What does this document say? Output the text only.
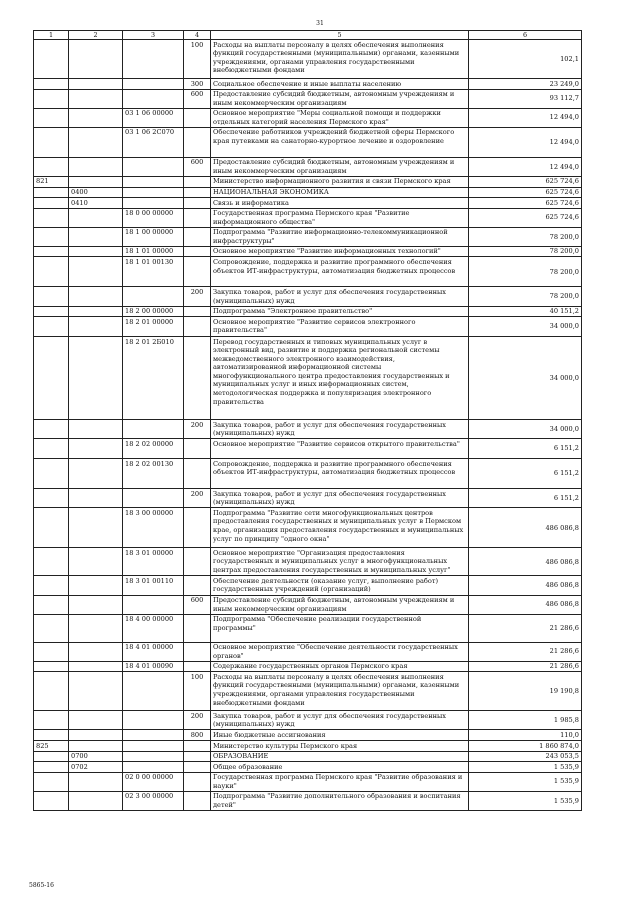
31
1	2	3	4	5	6
			100	Расходы на выплаты персоналу в целях обеспечения выполнения функций государственными (муниципальными) органами, казенными учреждениями, органами управления государственными внебюджетными фондами	102,1
			300	Социальное обеспечение и иные выплаты населению	23 249,0
			600	Предоставление субсидий бюджетным, автономным учреждениям и иным некоммерческим организациям	93 112,7
		03 1 06 00000		Основное мероприятие "Меры социальной помощи и поддержки отдельных категорий населения Пермского края"	12 494,0
		03 1 06 2С070		Обеспечение работников учреждений бюджетной сферы Пермского края путевками на санаторно-курортное лечение и оздоровление	12 494,0
			600	Предоставление субсидий бюджетным, автономным учреждениям и иным некоммерческим организациям	12 494,0
821				Министерство информационного развития и связи Пермского края	625 724,6
	0400			НАЦИОНАЛЬНАЯ ЭКОНОМИКА	625 724,6
	0410			Связь и информатика	625 724,6
		18 0 00 00000		Государственная программа Пермского края "Развитие информационного общества"	625 724,6
		18 1 00 00000		Подпрограмма "Развитие информационно-телекоммуникационной инфраструктуры"	78 200,0
		18 1 01 00000		Основное мероприятие "Развитие информационных технологий"	78 200,0
		18 1 01 00130		Сопровождение, поддержка и развитие программного обеспечения объектов ИТ-инфраструктуры, автоматизация бюджетных процессов	78 200,0
			200	Закупка товаров, работ и услуг для обеспечения государственных (муниципальных) нужд	78 200,0
		18 2 00 00000		Подпрограмма "Электронное правительство"	40 151,2
		18 2 01 00000		Основное мероприятие "Развитие сервисов электронного правительства"	34 000,0
		18 2 01 2Б010		Перевод государственных и типовых муниципальных услуг в электронный вид, развитие и поддержка региональной системы межведомственного электронного взаимодействия, автоматизированной информационной системы многофункционального центра предоставления государственных и муниципальных услуг и иных информационных систем, методологическая поддержка и популяризация электронного правительства	34 000,0
			200	Закупка товаров, работ и услуг для обеспечения государственных (муниципальных) нужд	34 000,0
		18 2 02 00000		Основное мероприятие "Развитие сервисов открытого правительства"	6 151,2
		18 2 02 00130		Сопровождение, поддержка и развитие программного обеспечения объектов ИТ-инфраструктуры, автоматизация бюджетных процессов	6 151,2
			200	Закупка товаров, работ и услуг для обеспечения государственных (муниципальных) нужд	6 151,2
		18 3 00 00000		Подпрограмма "Развитие сети многофункциональных центров предоставления государственных и муниципальных услуг в Пермском крае, организация предоставления государственных и муниципальных услуг по принципу "одного окна"	486 086,8
		18 3 01 00000		Основное мероприятие "Организация предоставления государственных и муниципальных услуг в многофункциональных центрах предоставления государственных и муниципальных услуг"	486 086,8
		18 3 01 00110		Обеспечение деятельности (оказание услуг, выполнение работ) государственных учреждений (организаций)	486 086,8
			600	Предоставление субсидий бюджетным, автономным учреждениям и иным некоммерческим организациям	486 086,8
		18 4 00 00000		Подпрограмма "Обеспечение реализации государственной программы"	21 286,6
		18 4 01 00000		Основное мероприятие "Обеспечение деятельности государственных органов"	21 286,6
		18 4 01 00090		Содержание государственных органов Пермского края	21 286,6
			100	Расходы на выплаты персоналу в целях обеспечения выполнения функций государственными (муниципальными) органами, казенными учреждениями, органами управления государственными внебюджетными фондами	19 190,8
			200	Закупка товаров, работ и услуг для обеспечения государственных (муниципальных) нужд	1 985,8
			800	Иные бюджетные ассигнования	110,0
825				Министерство культуры Пермского края	1 860 874,0
	0700			ОБРАЗОВАНИЕ	243 053,5
	0702			Общее образование	1 535,9
		02 0 00 00000		Государственная программа Пермского края "Развитие образования и науки"	1 535,9
		02 3 00 00000		Подпрограмма "Развитие дополнительного образования и воспитания детей"	1 535,9
5865-16
